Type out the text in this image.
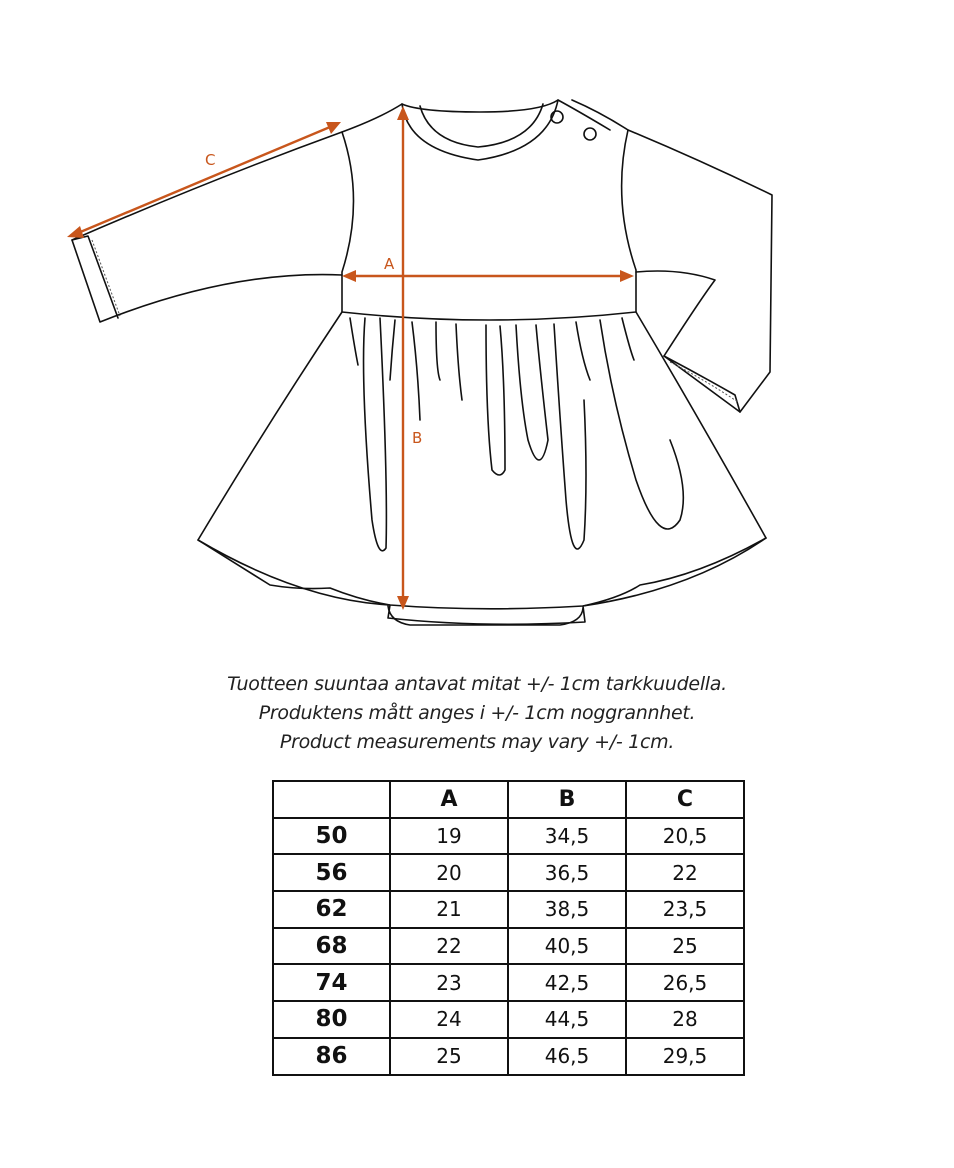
A
B
C
Tuotteen suuntaa antavat mitat +/- 1cm tarkkuudella.
Produktens mått anges i +/- 1cm noggrannhet.
Product measurements may vary +/- 1cm.
	A	B	C
50	19	34,5	20,5
56	20	36,5	22
62	21	38,5	23,5
68	22	40,5	25
74	23	42,5	26,5
80	24	44,5	28
86	25	46,5	29,5
